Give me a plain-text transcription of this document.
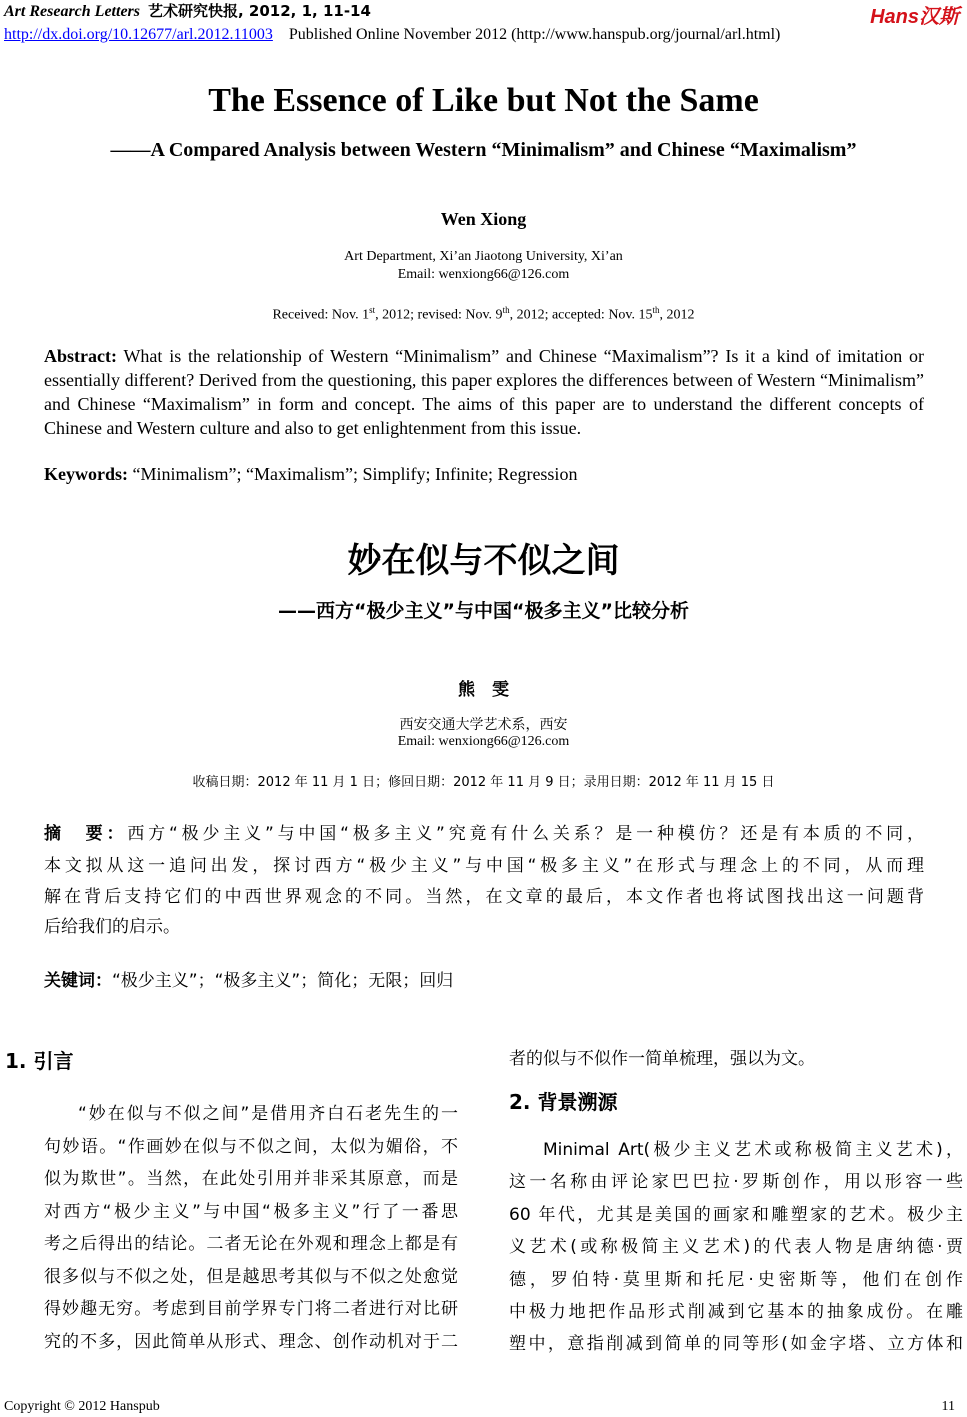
Art Research Letters 艺术研究快报, 2012, 1, 11-14	Hans汉斯
http://dx.doi.org/10.12677/arl.2012.11003 Published Online November 2012 (http://www.hanspub.org/journal/arl.html)
The Essence of Like but Not the Same
——A Compared Analysis between Western “Minimalism” and Chinese “Maximalism”
Wen Xiong
Art Department, Xi’an Jiaotong University, Xi’an
Email: wenxiong66@126.com
Received: Nov. 1st, 2012; revised: Nov. 9th, 2012; accepted: Nov. 15th, 2012
Abstract: What is the relationship of Western “Minimalism” and Chinese “Maximalism”? Is it a kind of imitation or essentially different? Derived from the questioning, this paper explores the differences between of Western “Minimalism” and Chinese “Maximalism” in form and concept. The aims of this paper are to understand the different concepts of Chinese and Western culture and also to get enlightenment from this issue.
Keywords: “Minimalism”; “Maximalism”; Simplify; Infinite; Regression
妙在似与不似之间
——西方“极少主义”与中国“极多主义”比较分析
熊　雯
西安交通大学艺术系，西安
Email: wenxiong66@126.com
收稿日期：2012 年 11 月 1 日；修回日期：2012 年 11 月 9 日；录用日期：2012 年 11 月 15 日
摘　要：西方“极少主义”与中国“极多主义”究竟有什么关系？是一种模仿？还是有本质的不同，
本文拟从这一追问出发，探讨西方“极少主义”与中国“极多主义”在形式与理念上的不同，从而理
解在背后支持它们的中西世界观念的不同。当然，在文章的最后，本文作者也将试图找出这一问题背
后给我们的启示。
关键词：“极少主义”；“极多主义”；简化；无限；回归
1. 引言	者的似与不似作一简单梳理，强以为文。
2. 背景溯源
Copyright © 2012 Hanspub	11
“妙在似与不似之间”是借用齐白石老先生的一
句妙语。“作画妙在似与不似之间，太似为媚俗，不
似为欺世”。当然，在此处引用并非采其原意，而是
对西方“极少主义”与中国“极多主义”行了一番思
考之后得出的结论。二者无论在外观和理念上都是有
很多似与不似之处，但是越思考其似与不似之处愈觉
得妙趣无穷。考虑到目前学界专门将二者进行对比研
究的不多，因此简单从形式、理念、创作动机对于二
Minimal Art(极少主义艺术或称极简主义艺术)，
这一名称由评论家巴巴拉·罗斯创作，用以形容一些
60 年代，尤其是美国的画家和雕塑家的艺术。极少主
义艺术(或称极简主义艺术)的代表人物是唐纳德·贾
德，罗伯特·莫里斯和托尼·史密斯等，他们在创作
中极力地把作品形式削减到它基本的抽象成份。在雕
塑中，意指削减到简单的同等形(如金字塔、立方体和
